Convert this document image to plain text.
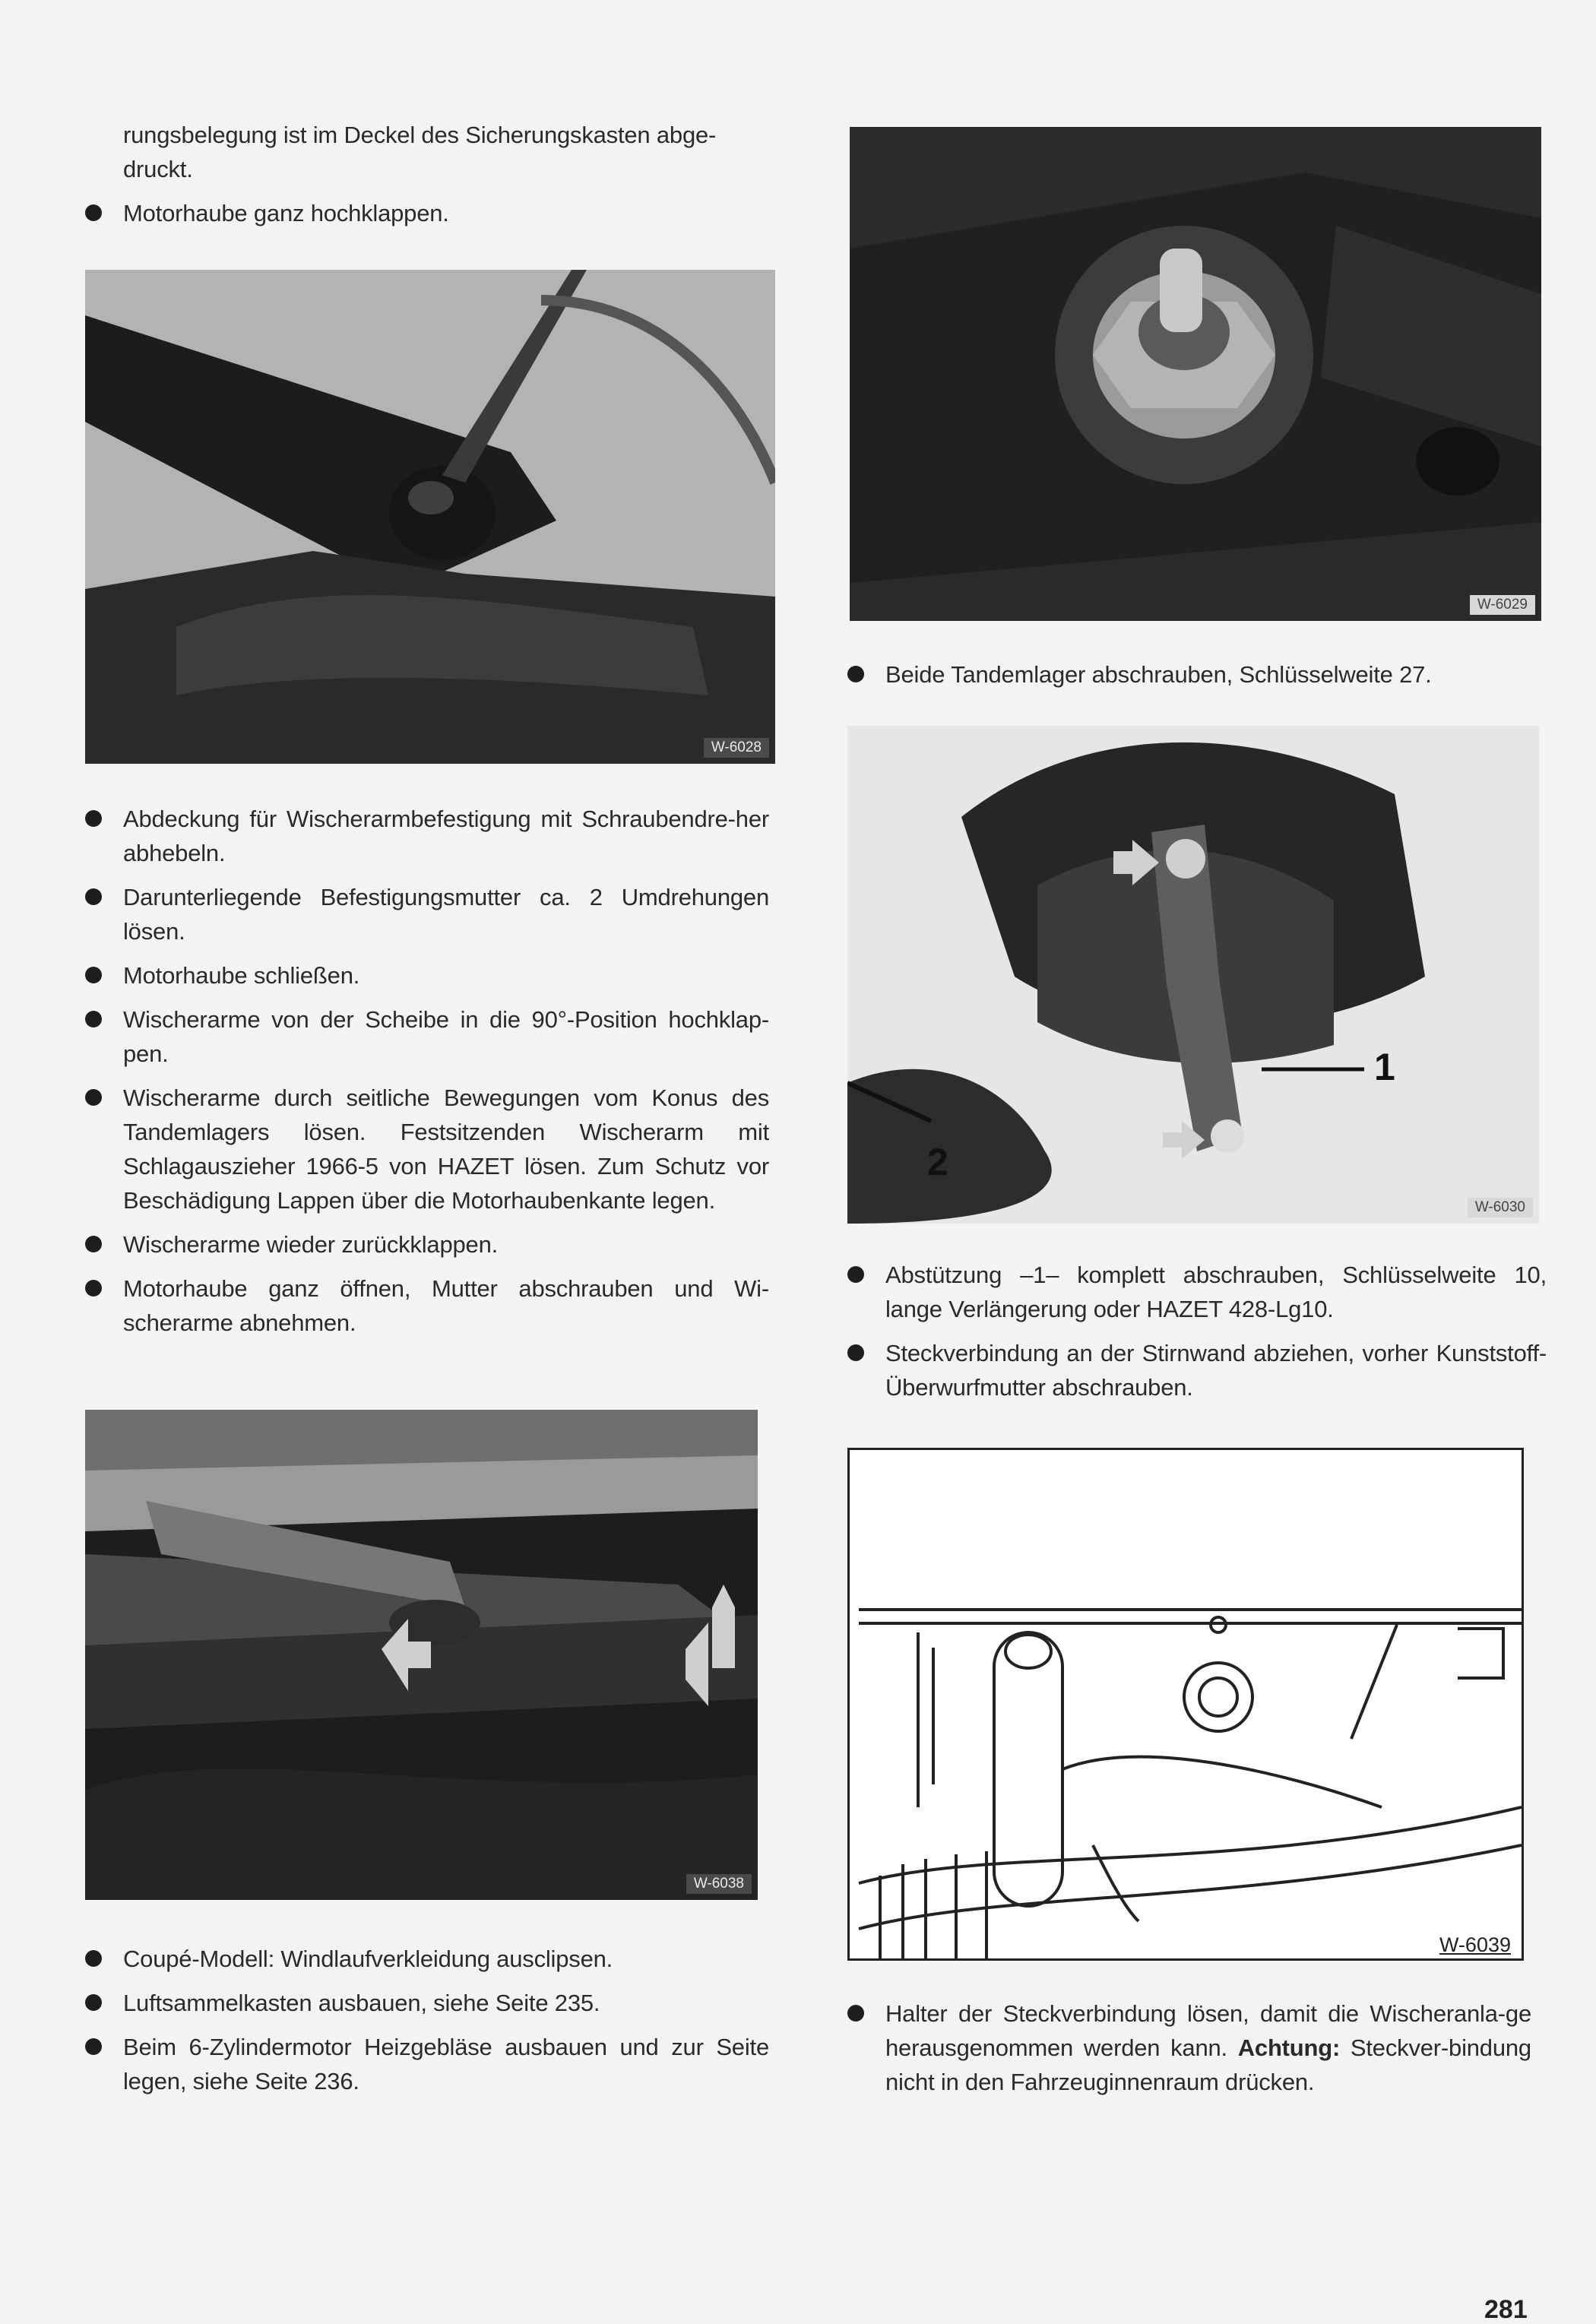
rungsbelegung ist im Deckel des Sicherungskasten abge-druckt.
Motorhaube ganz hochklappen.
W-6028
Abdeckung für Wischerarmbefestigung mit Schraubendre-her abhebeln.
Darunterliegende Befestigungsmutter ca. 2 Umdrehungen lösen.
Motorhaube schließen.
Wischerarme von der Scheibe in die 90°-Position hochklap-pen.
Wischerarme durch seitliche Bewegungen vom Konus des Tandemlagers lösen. Festsitzenden Wischerarm mit Schlagauszieher 1966-5 von HAZET lösen. Zum Schutz vor Beschädigung Lappen über die Motorhaubenkante legen.
Wischerarme wieder zurückklappen.
Motorhaube ganz öffnen, Mutter abschrauben und Wi-scherarme abnehmen.
W-6038
Coupé-Modell: Windlaufverkleidung ausclipsen.
Luftsammelkasten ausbauen, siehe Seite 235.
Beim 6-Zylindermotor Heizgebläse ausbauen und zur Seite legen, siehe Seite 236.
W-6029
Beide Tandemlager abschrauben, Schlüsselweite 27.
1
2
W-6030
Abstützung –1– komplett abschrauben, Schlüsselweite 10, lange Verlängerung oder HAZET 428-Lg10.
Steckverbindung an der Stirnwand abziehen, vorher Kunststoff-Überwurfmutter abschrauben.
W-6039
Halter der Steckverbindung lösen, damit die Wischeranla-ge herausgenommen werden kann. Achtung: Steckver-bindung nicht in den Fahrzeuginnenraum drücken.
281
